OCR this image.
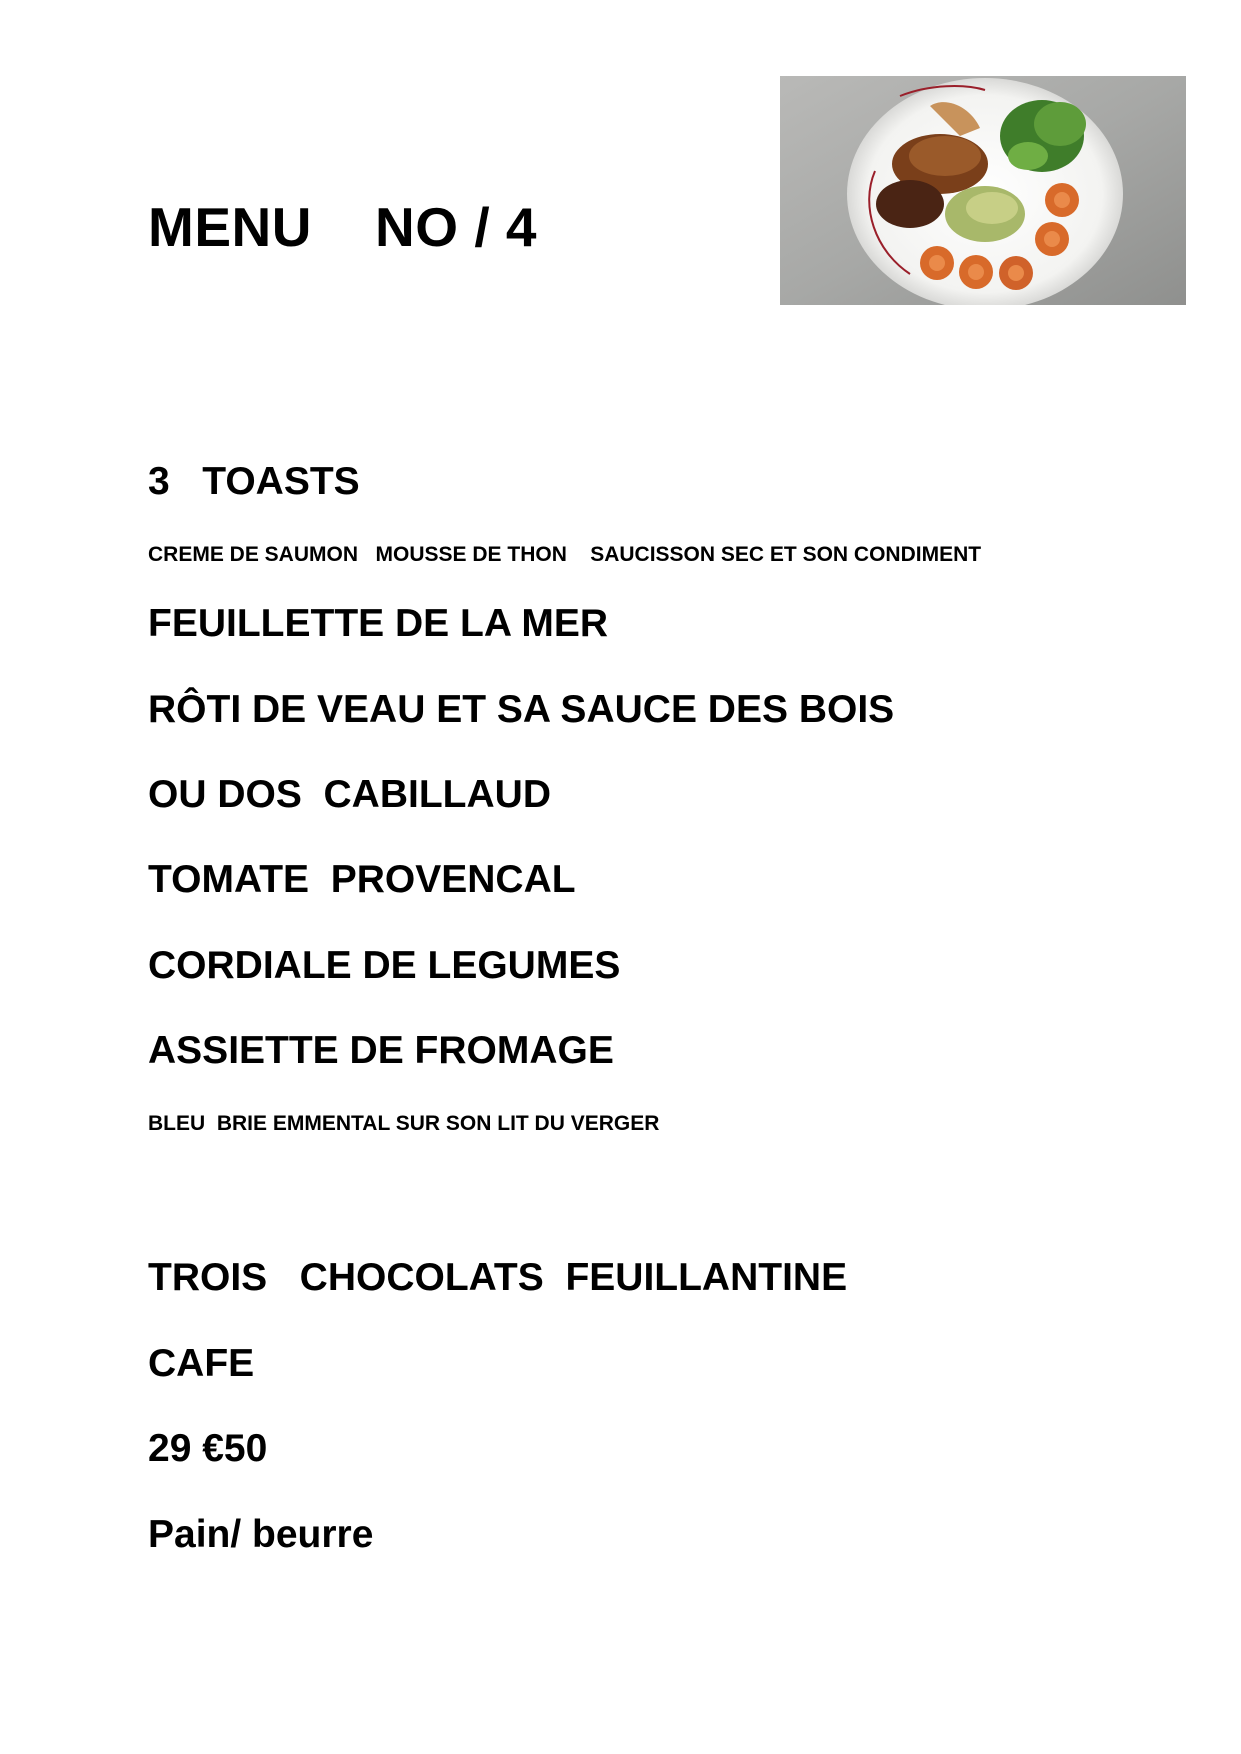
MENU    NO / 4
3   TOASTS
CREME DE SAUMON   MOUSSE DE THON    SAUCISSON SEC ET SON CONDIMENT
FEUILLETTE DE LA MER
RÔTI DE VEAU ET SA SAUCE DES BOIS
OU DOS  CABILLAUD
TOMATE  PROVENCAL
CORDIALE DE LEGUMES
ASSIETTE DE FROMAGE
BLEU  BRIE EMMENTAL SUR SON LIT DU VERGER
TROIS   CHOCOLATS  FEUILLANTINE
CAFE
29 €50
Pain/ beurre
